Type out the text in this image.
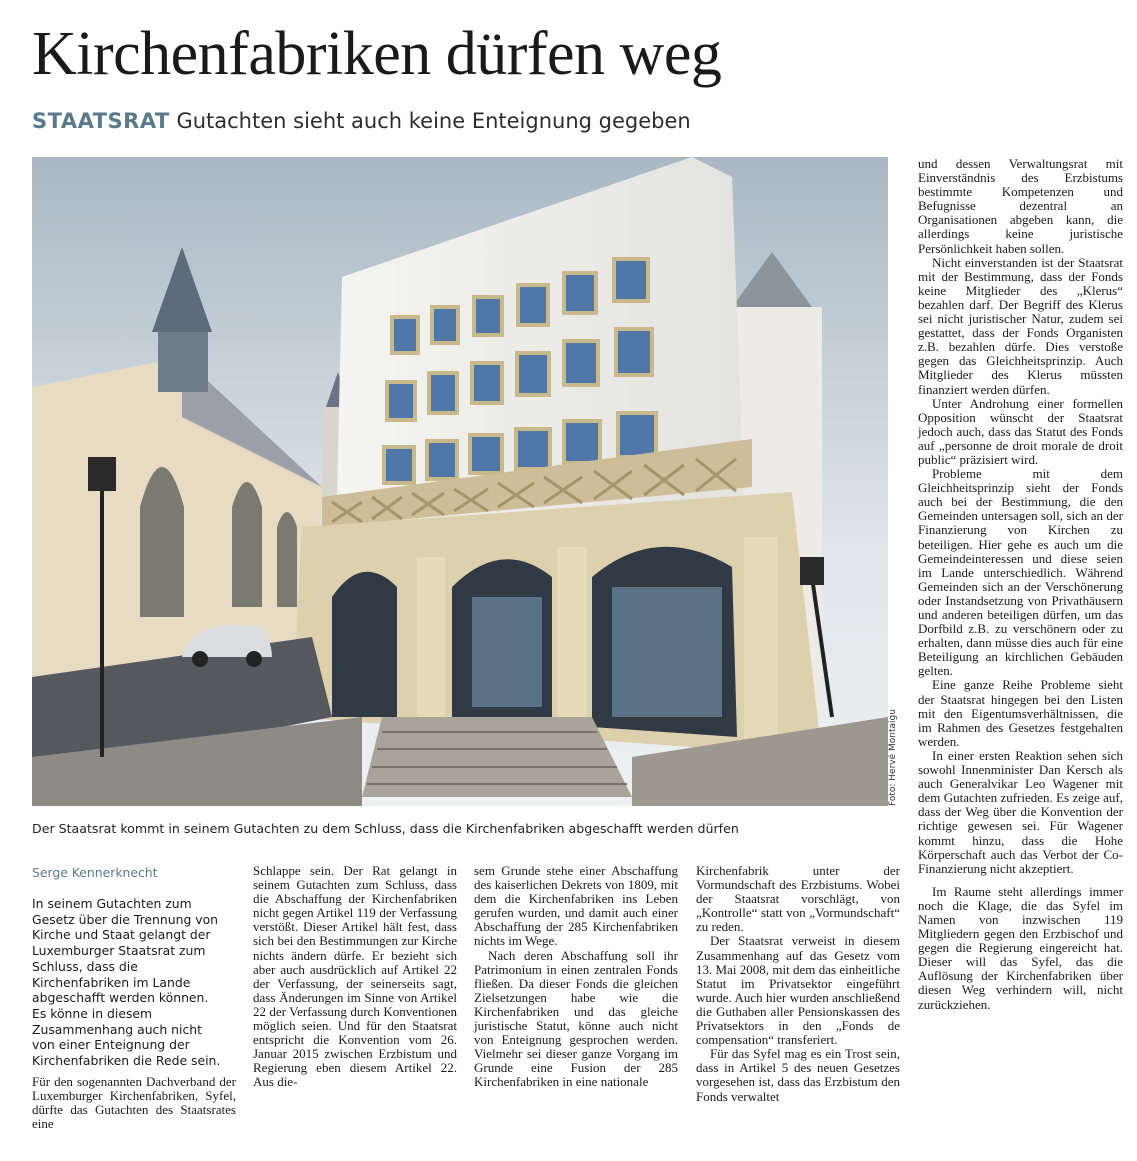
Kirchenfabriken dürfen weg
STAATSRAT Gutachten sieht auch keine Enteignung gegeben
Foto: Hervé Montaigu
Der Staatsrat kommt in seinem Gutachten zu dem Schluss, dass die Kirchenfabriken abgeschafft werden dürfen
Serge Kennerknecht

In seinem Gutachten zum Gesetz über die Trennung von Kirche und Staat gelangt der Luxemburger Staatsrat zum Schluss, dass die Kirchenfabriken im Lande abgeschafft werden können. Es könne in diesem Zusammenhang auch nicht von einer Enteignung der Kirchenfabriken die Rede sein.

Für den sogenannten Dachverband der Luxemburger Kirchenfabriken, Syfel, dürfte das Gutachten des Staatsrates eine

Schlappe sein. Der Rat gelangt in seinem Gutachten zum Schluss, dass die Abschaffung der Kirchenfabriken nicht gegen Artikel 119 der Verfassung verstößt. Dieser Artikel hält fest, dass sich bei den Bestimmungen zur Kirche nichts ändern dürfe. Er bezieht sich aber auch ausdrücklich auf Artikel 22 der Verfassung, der seinerseits sagt, dass Änderungen im Sinne von Artikel 22 der Verfassung durch Konventionen möglich seien. Und für den Staatsrat entspricht die Konvention vom 26. Januar 2015 zwischen Erzbistum und Regierung eben diesem Artikel 22. Aus die-

sem Grunde stehe einer Abschaffung des kaiserlichen Dekrets von 1809, mit dem die Kirchenfabriken ins Leben gerufen wurden, und damit auch einer Abschaffung der 285 Kirchenfabriken nichts im Wege.

Nach deren Abschaffung soll ihr Patrimonium in einen zentralen Fonds fließen. Da dieser Fonds die gleichen Zielsetzungen habe wie die Kirchenfabriken und das gleiche juristische Statut, könne auch nicht von Enteignung gesprochen werden. Vielmehr sei dieser ganze Vorgang im Grunde eine Fusion der 285 Kirchenfabriken in eine nationale

Kirchenfabrik unter der Vormundschaft des Erzbistums. Wobei der Staatsrat vorschlägt, von „Kontrolle“ statt von „Vormundschaft“ zu reden.

Der Staatsrat verweist in diesem Zusammenhang auf das Gesetz vom 13. Mai 2008, mit dem das einheitliche Statut im Privatsektor eingeführt wurde. Auch hier wurden anschließend die Guthaben aller Pensionskassen des Privatsektors in den „Fonds de compensation“ transferiert.

Für das Syfel mag es ein Trost sein, dass in Artikel 5 des neuen Gesetzes vorgesehen ist, dass das Erzbistum den Fonds verwaltet

und dessen Verwaltungsrat mit Einverständnis des Erzbistums bestimmte Kompetenzen und Befugnisse dezentral an Organisationen abgeben kann, die allerdings keine juristische Persönlichkeit haben sollen.

Nicht einverstanden ist der Staatsrat mit der Bestimmung, dass der Fonds keine Mitglieder des „Klerus“ bezahlen darf. Der Begriff des Klerus sei nicht juristischer Natur, zudem sei gestattet, dass der Fonds Organisten z.B. bezahlen dürfe. Dies verstoße gegen das Gleichheitsprinzip. Auch Mitglieder des Klerus müssten finanziert werden dürfen.

Unter Androhung einer formellen Opposition wünscht der Staatsrat jedoch auch, dass das Statut des Fonds auf „personne de droit morale de droit public“ präzisiert wird.

Probleme mit dem Gleichheitsprinzip sieht der Fonds auch bei der Bestimmung, die den Gemeinden untersagen soll, sich an der Finanzierung von Kirchen zu beteiligen. Hier gehe es auch um die Gemeindeinteressen und diese seien im Lande unterschiedlich. Während Gemeinden sich an der Verschönerung oder Instandsetzung von Privathäusern und anderen beteiligen dürfen, um das Dorfbild z.B. zu verschönern oder zu erhalten, dann müsse dies auch für eine Beteiligung an kirchlichen Gebäuden gelten.

Eine ganze Reihe Probleme sieht der Staatsrat hingegen bei den Listen mit den Eigentumsverhältnissen, die im Rahmen des Gesetzes festgehalten werden.

In einer ersten Reaktion sehen sich sowohl Innenminister Dan Kersch als auch Generalvikar Leo Wagener mit dem Gutachten zufrieden. Es zeige auf, dass der Weg über die Konvention der richtige gewesen sei. Für Wagener kommt hinzu, dass die Hohe Körperschaft auch das Verbot der Co-Finanzierung nicht akzeptiert.

Im Raume steht allerdings immer noch die Klage, die das Syfel im Namen von inzwischen 119 Mitgliedern gegen den Erzbischof und gegen die Regierung eingereicht hat. Dieser will das Syfel, das die Auflösung der Kirchenfabriken über diesen Weg verhindern will, nicht zurückziehen.
